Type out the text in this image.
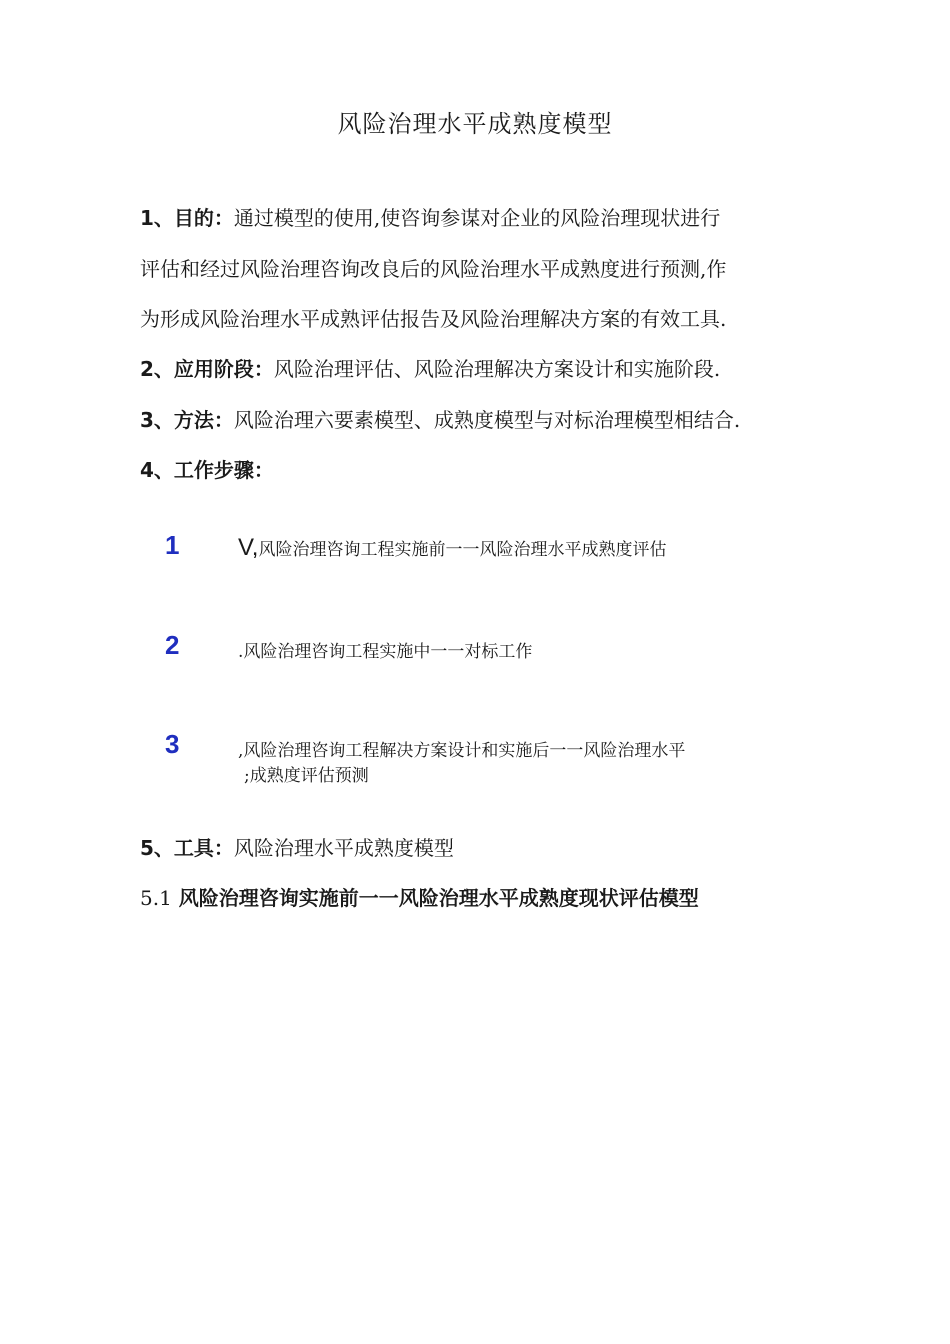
风险治理水平成熟度模型
1、目的：通过模型的使用,使咨询参谋对企业的风险治理现状进行
评估和经过风险治理咨询改良后的风险治理水平成熟度进行预测,作
为形成风险治理水平成熟评估报告及风险治理解决方案的有效工具.
2、应用阶段：风险治理评估、风险治理解决方案设计和实施阶段.
3、方法：风险治理六要素模型、成熟度模型与对标治理模型相结合.
4、工作步骤：
1	V,风险治理咨询工程实施前一一风险治理水平成熟度评估
2	.风险治理咨询工程实施中一一对标工作
3	,风险治理咨询工程解决方案设计和实施后一一风险治理水平
;成熟度评估预测
5、工具：风险治理水平成熟度模型
5.1 风险治理咨询实施前一一风险治理水平成熟度现状评估模型
